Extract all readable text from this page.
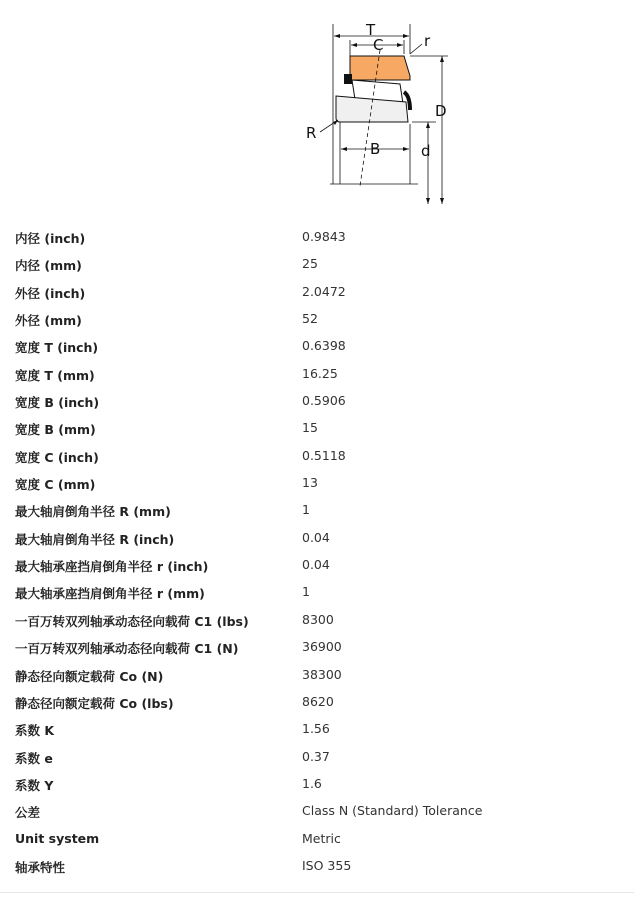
T
C	r
R
B
D
d
内径 (inch)	0.9843
内径 (mm)	25
外径 (inch)	2.0472
外径 (mm)	52
宽度 T (inch)	0.6398
宽度 T (mm)	16.25
宽度 B (inch)	0.5906
宽度 B (mm)	15
宽度 C (inch)	0.5118
宽度 C (mm)	13
最大轴肩倒角半径 R (mm)	1
最大轴肩倒角半径 R (inch)	0.04
最大轴承座挡肩倒角半径 r (inch)	0.04
最大轴承座挡肩倒角半径 r (mm)	1
一百万转双列轴承动态径向载荷 C1 (lbs)	8300
一百万转双列轴承动态径向载荷 C1 (N)	36900
静态径向额定载荷 Co (N)	38300
静态径向额定载荷 Co (lbs)	8620
系数 K	1.56
系数 e	0.37
系数 Y	1.6
公差	Class N (Standard) Tolerance
Unit system	Metric
轴承特性	ISO 355
